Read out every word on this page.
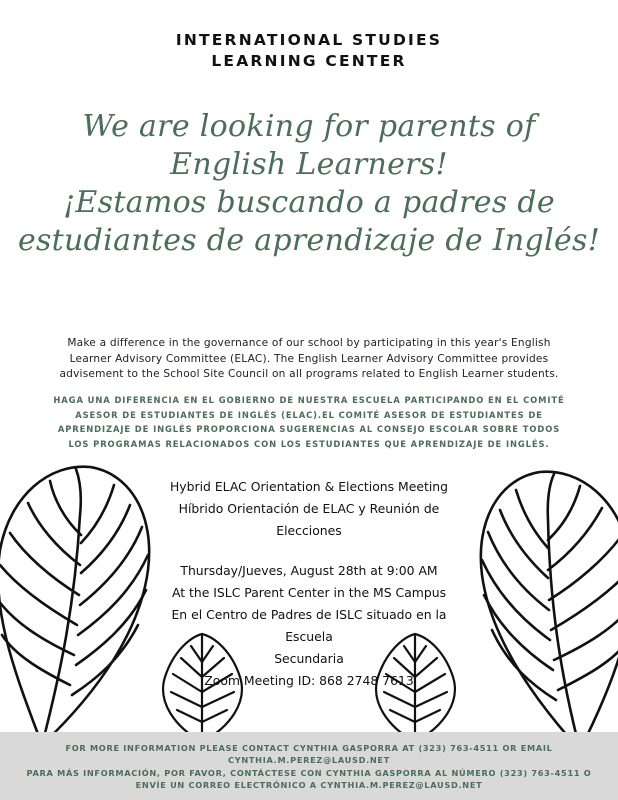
INTERNATIONAL STUDIES
LEARNING CENTER
We are looking for parents of
English Learners!
¡Estamos buscando a padres de
estudiantes de aprendizaje de Inglés!
Make a difference in the governance of our school by participating in this year's English
Learner Advisory Committee (ELAC). The English Learner Advisory Committee provides
advisement to the School Site Council on all programs related to English Learner students.
HAGA UNA DIFERENCIA EN EL GOBIERNO DE NUESTRA ESCUELA PARTICIPANDO EN EL COMITÉ
ASESOR DE ESTUDIANTES DE INGLÉS (ELAC).EL COMITÉ ASESOR DE ESTUDIANTES DE
APRENDIZAJE DE INGLÉS PROPORCIONA SUGERENCIAS AL CONSEJO ESCOLAR SOBRE TODOS
LOS PROGRAMAS RELACIONADOS CON LOS ESTUDIANTES QUE APRENDIZAJE DE INGLÉS.
Hybrid ELAC Orientation & Elections Meeting
Híbrido Orientación de ELAC y Reunión de Elecciones
Thursday/Jueves, August 28th at 9:00 AM
At the ISLC Parent Center in the MS Campus
En el Centro de Padres de ISLC situado en la Escuela
Secundaria
Zoom Meeting ID: 868 2748 7613
FOR MORE INFORMATION PLEASE CONTACT CYNTHIA GASPORRA AT (323) 763-4511 OR EMAIL
CYNTHIA.M.PEREZ@LAUSD.NET
PARA MÁS INFORMACIÓN, POR FAVOR, CONTÁCTESE CON CYNTHIA GASPORRA AL NÚMERO (323) 763-4511 O
ENVÍE UN CORREO ELECTRÓNICO A CYNTHIA.M.PEREZ@LAUSD.NET
